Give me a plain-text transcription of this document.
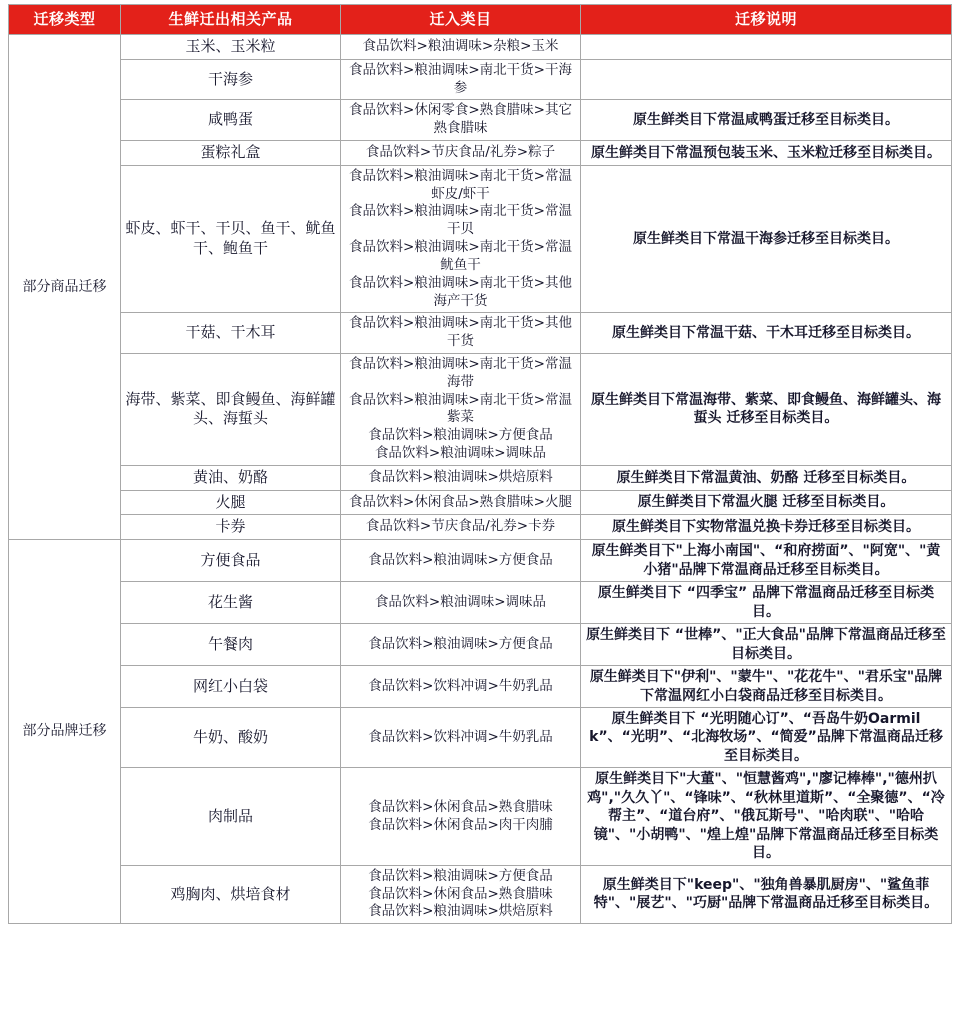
迁移类型	生鲜迁出相关产品	迁入类目	迁移说明
部分商品迁移	玉米、玉米粒	食品饮料>粮油调味>杂粮>玉米	

	干海参	食品饮料>粮油调味>南北干货>干海参	

	咸鸭蛋	食品饮料>休闲零食>熟食腊味>其它熟食腊味	原生鲜类目下常温咸鸭蛋迁移至目标类目。
	蛋粽礼盒	食品饮料>节庆食品/礼券>粽子	原生鲜类目下常温预包装玉米、玉米粒迁移至目标类目。
	虾皮、虾干、干贝、鱼干、鱿鱼干、鲍鱼干	食品饮料>粮油调味>南北干货>常温虾皮/虾干
食品饮料>粮油调味>南北干货>常温干贝
食品饮料>粮油调味>南北干货>常温鱿鱼干
食品饮料>粮油调味>南北干货>其他海产干货	原生鲜类目下常温干海参迁移至目标类目。
	干菇、干木耳	食品饮料>粮油调味>南北干货>其他干货	原生鲜类目下常温干菇、干木耳迁移至目标类目。
	海带、紫菜、即食鳗鱼、海鲜罐头、海蜇头	食品饮料>粮油调味>南北干货>常温海带
食品饮料>粮油调味>南北干货>常温紫菜
食品饮料>粮油调味>方便食品
食品饮料>粮油调味>调味品	原生鲜类目下常温海带、紫菜、即食鳗鱼、海鲜罐头、海蜇头 迁移至目标类目。
	黄油、奶酪	食品饮料>粮油调味>烘焙原料	原生鲜类目下常温黄油、奶酪 迁移至目标类目。
	火腿	食品饮料>休闲食品>熟食腊味>火腿	原生鲜类目下常温火腿 迁移至目标类目。
	卡券	食品饮料>节庆食品/礼券>卡券	原生鲜类目下实物常温兑换卡券迁移至目标类目。
部分品牌迁移	方便食品	食品饮料>粮油调味>方便食品	原生鲜类目下"上海小南国"、“和府捞面”、"阿宽"、"黄小猪"品牌下常温商品迁移至目标类目。
	花生酱	食品饮料>粮油调味>调味品	原生鲜类目下 “四季宝” 品牌下常温商品迁移至目标类目。
	午餐肉	食品饮料>粮油调味>方便食品	原生鲜类目下 “世棒”、"正大食品"品牌下常温商品迁移至目标类目。
	网红小白袋	食品饮料>饮料冲调>牛奶乳品	原生鲜类目下"伊利"、"蒙牛"、"花花牛"、"君乐宝"品牌下常温网红小白袋商品迁移至目标类目。
	牛奶、酸奶	食品饮料>饮料冲调>牛奶乳品	原生鲜类目下 “光明随心订”、“吾岛牛奶Oarmilk”、“光明”、“北海牧场”、“简爱”品牌下常温商品迁移至目标类目。
	肉制品	食品饮料>休闲食品>熟食腊味
食品饮料>休闲食品>肉干肉脯	原生鲜类目下"大董"、"恒慧酱鸡","廖记棒棒","德州扒鸡","久久丫"、“锋味”、“秋林里道斯”、“全聚德”、“冷帮主”、“道台府”、"俄瓦斯号"、"哈肉联"、"哈哈镜"、"小胡鸭"、"煌上煌"品牌下常温商品迁移至目标类目。
	鸡胸肉、烘培食材	食品饮料>粮油调味>方便食品
食品饮料>休闲食品>熟食腊味
食品饮料>粮油调味>烘焙原料	原生鲜类目下"keep"、"独角兽暴肌厨房"、"鲨鱼菲特"、"展艺"、"巧厨"品牌下常温商品迁移至目标类目。
